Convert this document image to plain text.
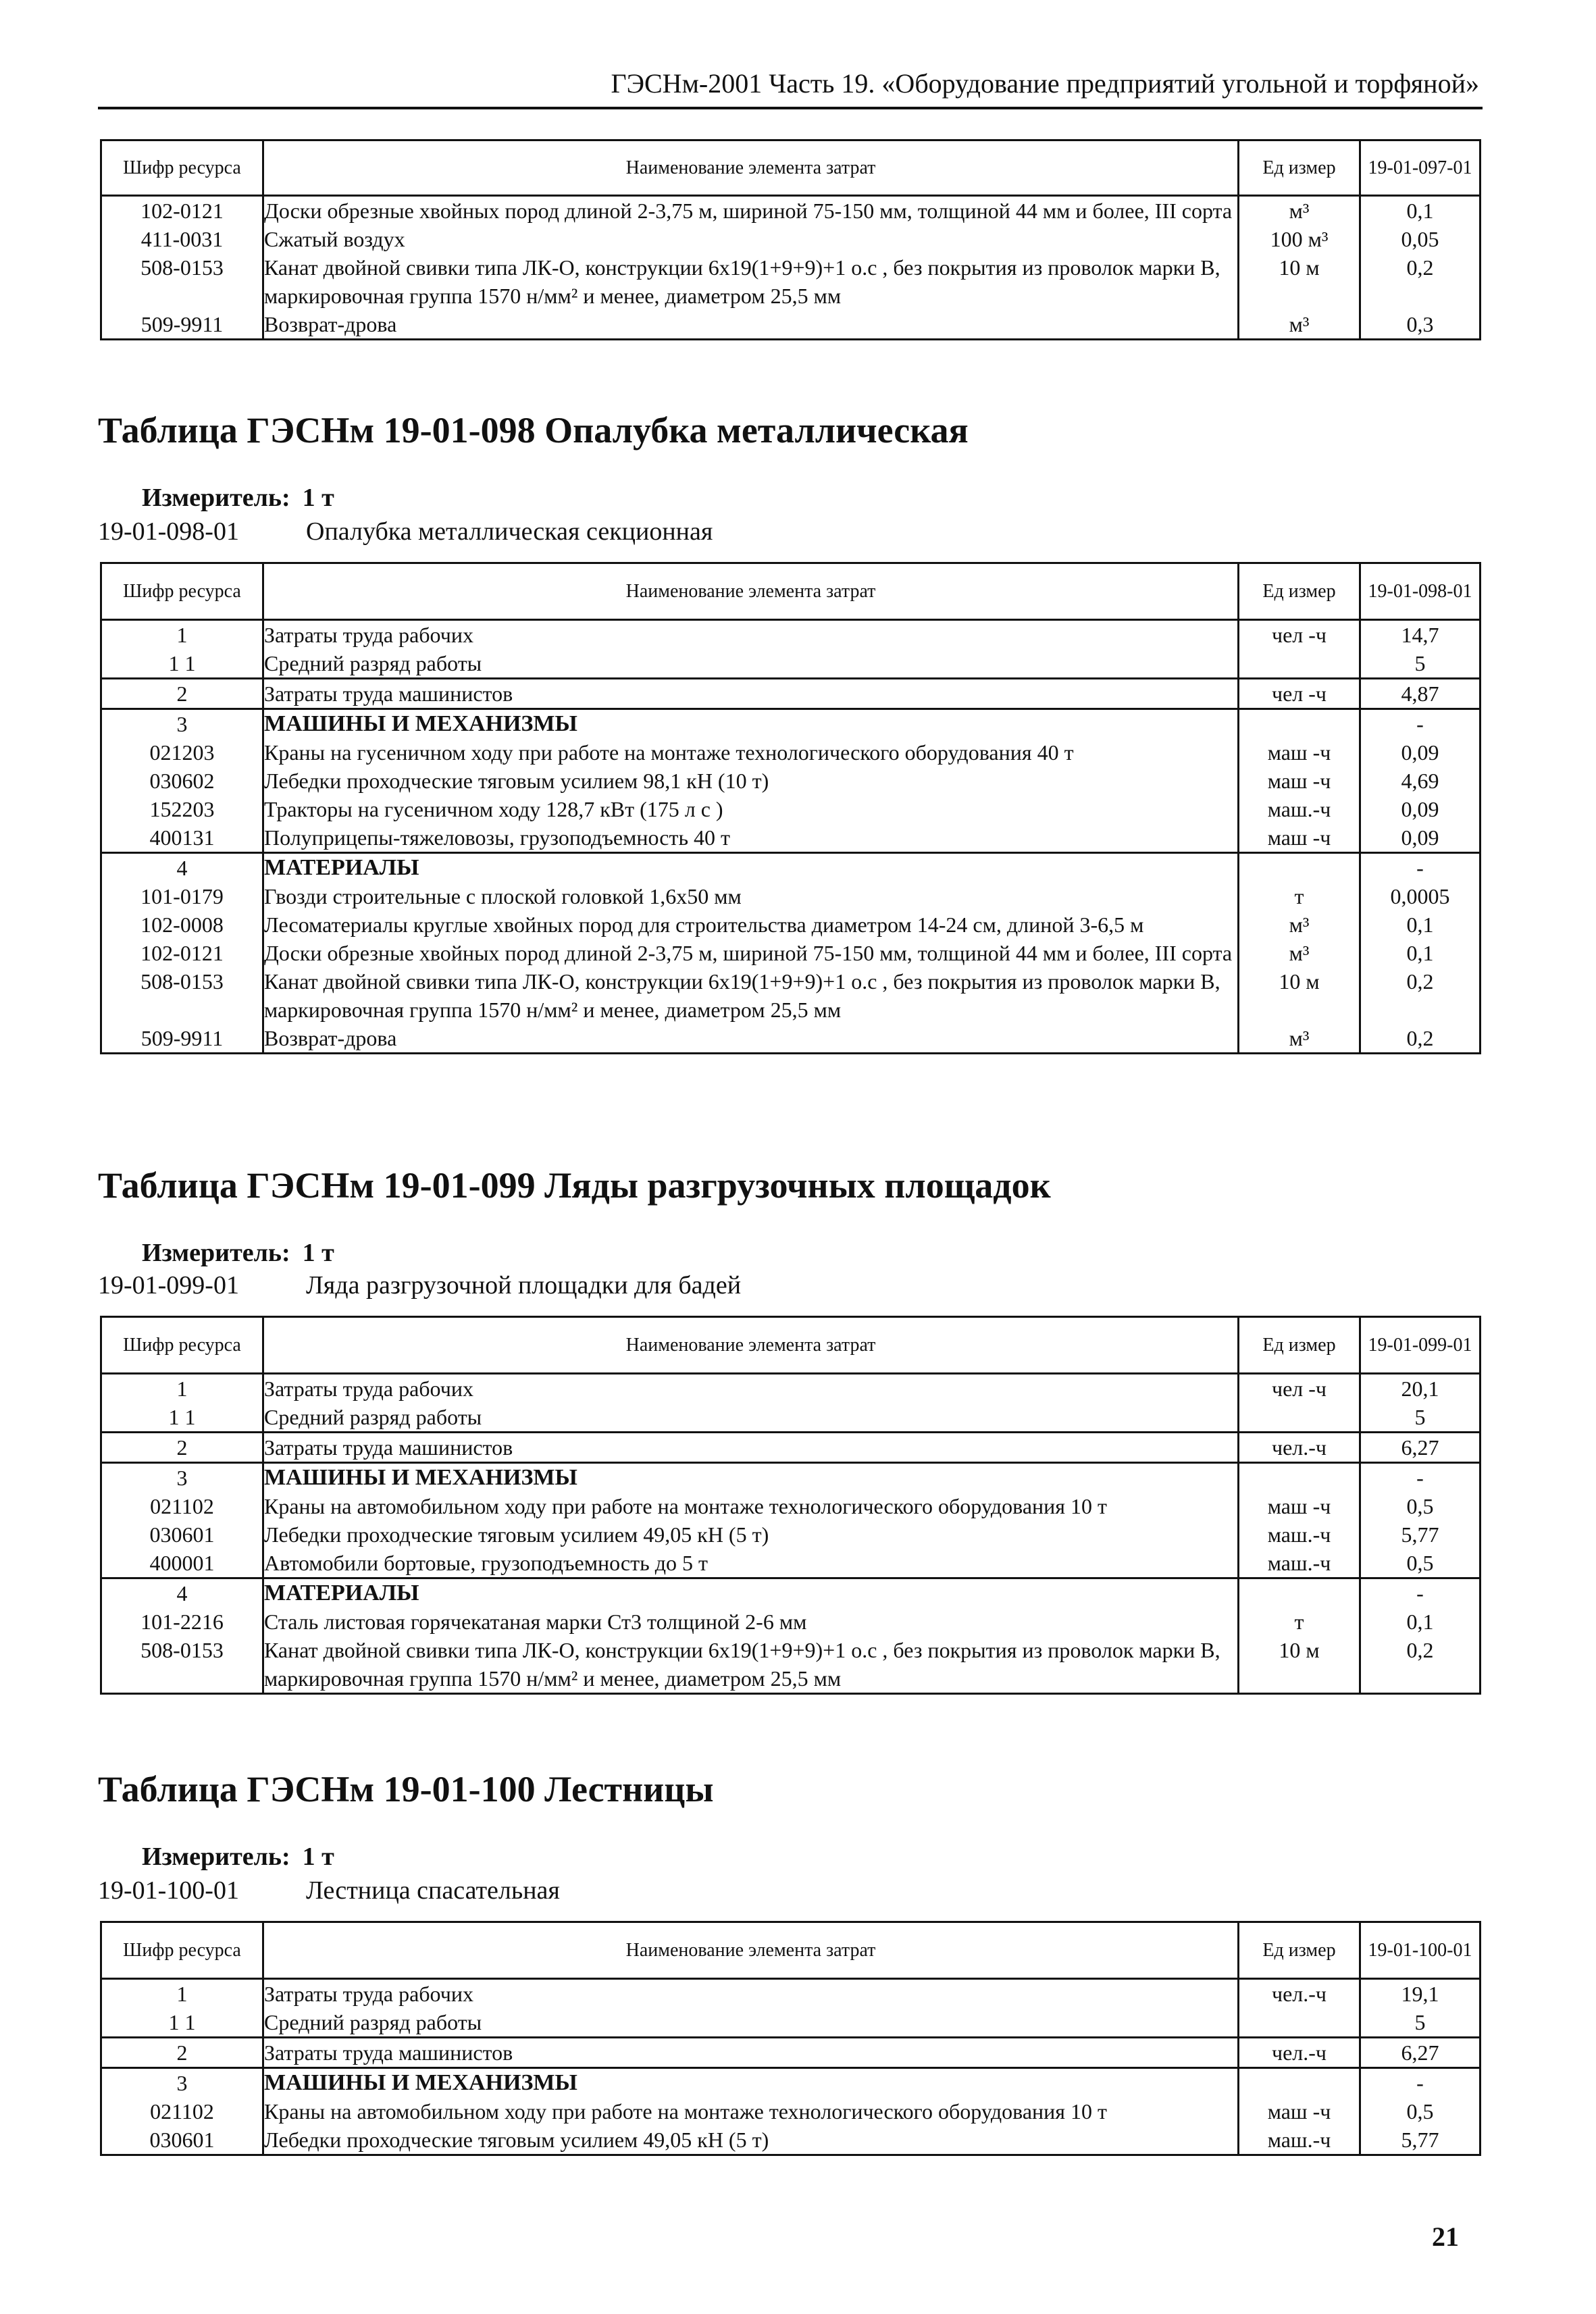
ГЭСНм-2001 Часть 19. «Оборудование предприятий угольной и торфяной»
Шифр ресурса	Наименование элемента затрат	Ед измер	19-01-097-01
102-0121	Доски обрезные хвойных пород длиной 2-3,75 м, шириной 75-150 мм, толщиной 44 мм и более, III сорта	м³	0,1
411-0031	Сжатый воздух	100 м³	0,05
508-0153	Канат двойной свивки типа ЛК-О, конструкции 6х19(1+9+9)+1 о.с , без покрытия из проволок марки В, маркировочная группа 1570 н/мм² и менее, диаметром 25,5 мм	10 м	0,2
509-9911	Возврат-дрова	м³	0,3
Таблица ГЭСНм 19-01-098 Опалубка металлическая
Измеритель: 1 т
19-01-098-01	Опалубка металлическая секционная
Шифр ресурса	Наименование элемента затрат	Ед измер	19-01-098-01
1	Затраты труда рабочих	чел -ч	14,7
1 1	Средний разряд работы		5
2	Затраты труда машинистов	чел -ч	4,87
3	МАШИНЫ И МЕХАНИЗМЫ		-
021203	Краны на гусеничном ходу при работе на монтаже технологического оборудования 40 т	маш -ч	0,09
030602	Лебедки проходческие тяговым усилием 98,1 кН (10 т)	маш -ч	4,69
152203	Тракторы на гусеничном ходу 128,7 кВт (175 л с )	маш.-ч	0,09
400131	Полуприцепы-тяжеловозы, грузоподъемность 40 т	маш -ч	0,09
4	МАТЕРИАЛЫ		-
101-0179	Гвозди строительные с плоской головкой 1,6х50 мм	т	0,0005
102-0008	Лесоматериалы круглые хвойных пород для строительства диаметром 14-24 см, длиной 3-6,5 м	м³	0,1
102-0121	Доски обрезные хвойных пород длиной 2-3,75 м, шириной 75-150 мм, толщиной 44 мм и более, III сорта	м³	0,1
508-0153	Канат двойной свивки типа ЛК-О, конструкции 6х19(1+9+9)+1 о.с , без покрытия из проволок марки В, маркировочная группа 1570 н/мм² и менее, диаметром 25,5 мм	10 м	0,2
509-9911	Возврат-дрова	м³	0,2
Таблица ГЭСНм 19-01-099 Ляды разгрузочных площадок
Измеритель: 1 т
19-01-099-01	Ляда разгрузочной площадки для бадей
Шифр ресурса	Наименование элемента затрат	Ед измер	19-01-099-01
1	Затраты труда рабочих	чел -ч	20,1
1 1	Средний разряд работы		5
2	Затраты труда машинистов	чел.-ч	6,27
3	МАШИНЫ И МЕХАНИЗМЫ		-
021102	Краны на автомобильном ходу при работе на монтаже технологического оборудования 10 т	маш -ч	0,5
030601	Лебедки проходческие тяговым усилием 49,05 кН (5 т)	маш.-ч	5,77
400001	Автомобили бортовые, грузоподъемность до 5 т	маш.-ч	0,5
4	МАТЕРИАЛЫ		-
101-2216	Сталь листовая горячекатаная марки Ст3 толщиной 2-6 мм	т	0,1
508-0153	Канат двойной свивки типа ЛК-О, конструкции 6х19(1+9+9)+1 о.с , без покрытия из проволок марки В, маркировочная группа 1570 н/мм² и менее, диаметром 25,5 мм	10 м	0,2
Таблица ГЭСНм 19-01-100 Лестницы
Измеритель: 1 т
19-01-100-01	Лестница спасательная
Шифр ресурса	Наименование элемента затрат	Ед измер	19-01-100-01
1	Затраты труда рабочих	чел.-ч	19,1
1 1	Средний разряд работы		5
2	Затраты труда машинистов	чел.-ч	6,27
3	МАШИНЫ И МЕХАНИЗМЫ		-
021102	Краны на автомобильном ходу при работе на монтаже технологического оборудования 10 т	маш -ч	0,5
030601	Лебедки проходческие тяговым усилием 49,05 кН (5 т)	маш.-ч	5,77
21
